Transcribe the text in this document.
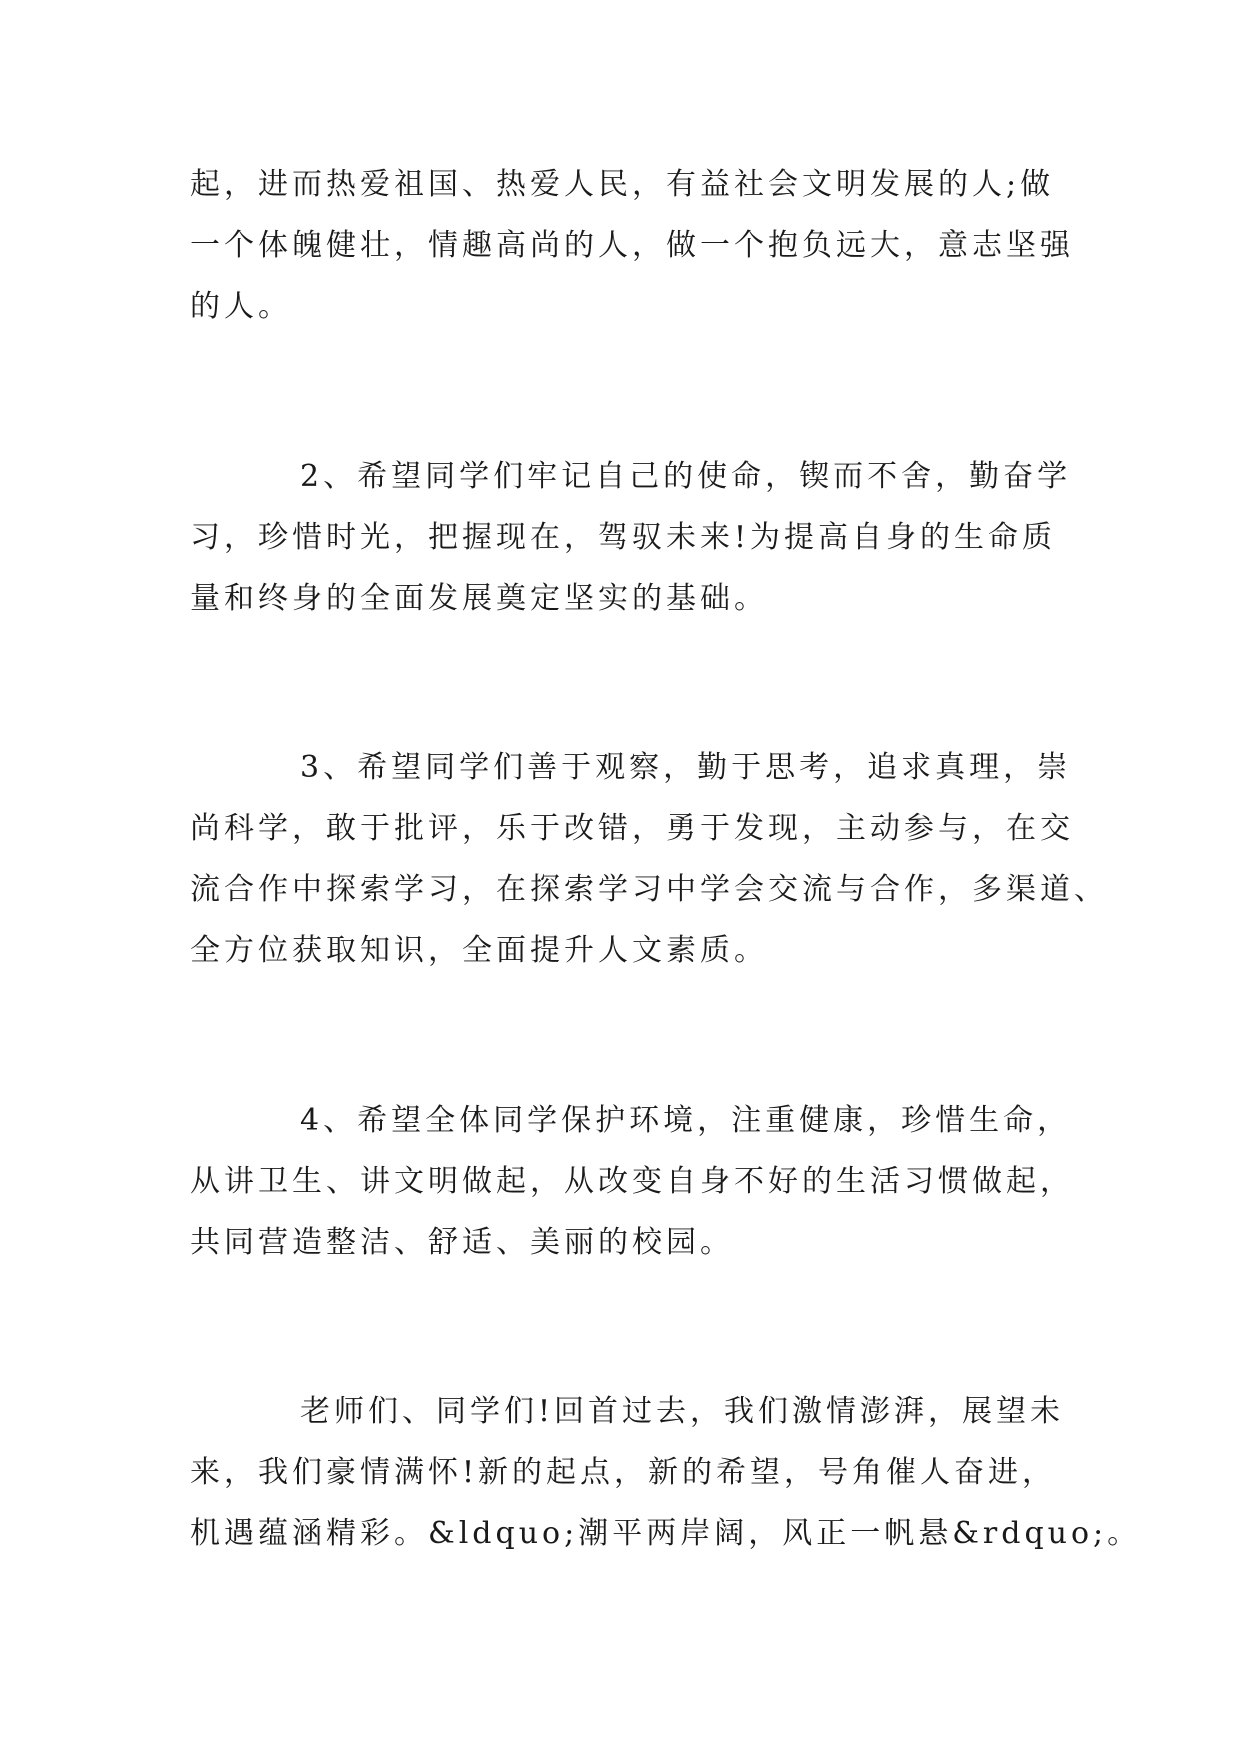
起，进而热爱祖国、热爱人民，有益社会文明发展的人;做
一个体魄健壮，情趣高尚的人，做一个抱负远大，意志坚强
的人。
2、希望同学们牢记自己的使命，锲而不舍，勤奋学
习，珍惜时光，把握现在，驾驭未来!为提高自身的生命质
量和终身的全面发展奠定坚实的基础。
3、希望同学们善于观察，勤于思考，追求真理，崇
尚科学，敢于批评，乐于改错，勇于发现，主动参与，在交
流合作中探索学习，在探索学习中学会交流与合作，多渠道、
全方位获取知识，全面提升人文素质。
4、希望全体同学保护环境，注重健康，珍惜生命，
从讲卫生、讲文明做起，从改变自身不好的生活习惯做起，
共同营造整洁、舒适、美丽的校园。
老师们、同学们!回首过去，我们激情澎湃，展望未
来，我们豪情满怀!新的起点，新的希望，号角催人奋进，
机遇蕴涵精彩。&ldquo;潮平两岸阔，风正一帆悬&rdquo;。
